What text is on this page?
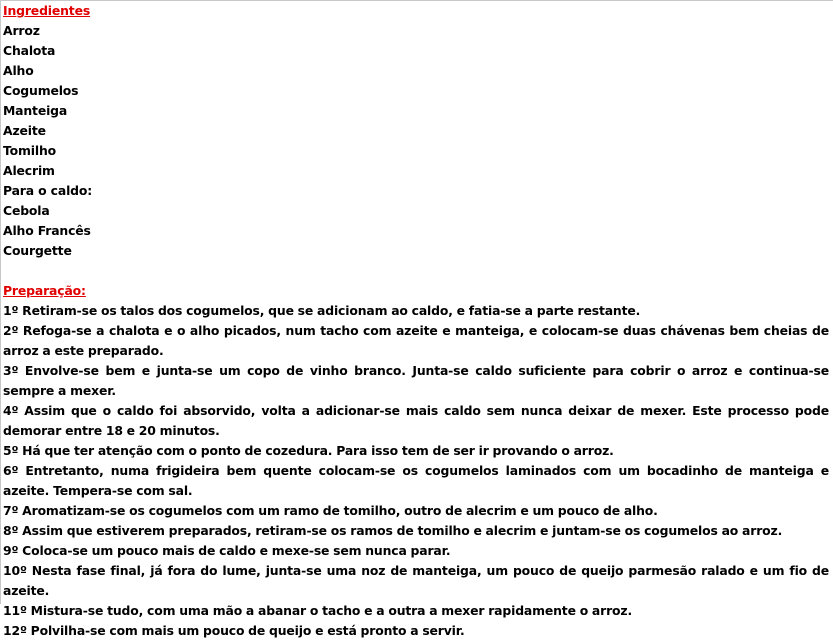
Ingredientes
Arroz
Chalota
Alho
Cogumelos
Manteiga
Azeite
Tomilho
Alecrim
Para o caldo:
Cebola
Alho Francês
Courgette
Preparação:
1º Retiram-se os talos dos cogumelos, que se adicionam ao caldo, e fatia-se a parte restante.
2º Refoga-se a chalota e o alho picados, num tacho com azeite e manteiga, e colocam-se duas chávenas bem cheias de arroz a este preparado.
3º Envolve-se bem e junta-se um copo de vinho branco. Junta-se caldo suficiente para cobrir o arroz e continua-se sempre a mexer.
4º Assim que o caldo foi absorvido, volta a adicionar-se mais caldo sem nunca deixar de mexer. Este processo pode demorar entre 18 e 20 minutos.
5º Há que ter atenção com o ponto de cozedura. Para isso tem de ser ir provando o arroz.
6º Entretanto, numa frigideira bem quente colocam-se os cogumelos laminados com um bocadinho de manteiga e azeite. Tempera-se com sal.
7º Aromatizam-se os cogumelos com um ramo de tomilho, outro de alecrim e um pouco de alho.
8º Assim que estiverem preparados, retiram-se os ramos de tomilho e alecrim e juntam-se os cogumelos ao arroz.
9º Coloca-se um pouco mais de caldo e mexe-se sem nunca parar.
10º Nesta fase final, já fora do lume, junta-se uma noz de manteiga, um pouco de queijo parmesão ralado e um fio de azeite.
11º Mistura-se tudo, com uma mão a abanar o tacho e a outra a mexer rapidamente o arroz.
12º Polvilha-se com mais um pouco de queijo e está pronto a servir.
